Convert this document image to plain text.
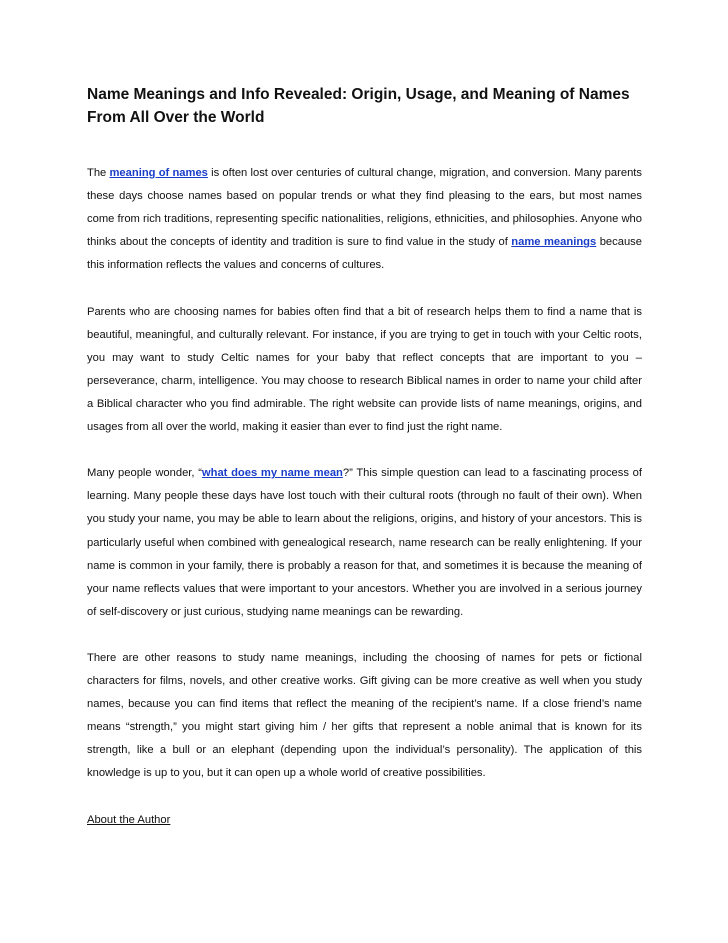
Name Meanings and Info Revealed: Origin, Usage, and Meaning of Names From All Over the World

The meaning of names is often lost over centuries of cultural change, migration, and conversion. Many parents these days choose names based on popular trends or what they find pleasing to the ears, but most names come from rich traditions, representing specific nationalities, religions, ethnicities, and philosophies. Anyone who thinks about the concepts of identity and tradition is sure to find value in the study of name meanings because this information reflects the values and concerns of cultures.

Parents who are choosing names for babies often find that a bit of research helps them to find a name that is beautiful, meaningful, and culturally relevant. For instance, if you are trying to get in touch with your Celtic roots, you may want to study Celtic names for your baby that reflect concepts that are important to you – perseverance, charm, intelligence. You may choose to research Biblical names in order to name your child after a Biblical character who you find admirable. The right website can provide lists of name meanings, origins, and usages from all over the world, making it easier than ever to find just the right name.

Many people wonder, “what does my name mean?” This simple question can lead to a fascinating process of learning. Many people these days have lost touch with their cultural roots (through no fault of their own). When you study your name, you may be able to learn about the religions, origins, and history of your ancestors. This is particularly useful when combined with genealogical research, name research can be really enlightening. If your name is common in your family, there is probably a reason for that, and sometimes it is because the meaning of your name reflects values that were important to your ancestors. Whether you are involved in a serious journey of self-discovery or just curious, studying name meanings can be rewarding.

There are other reasons to study name meanings, including the choosing of names for pets or fictional characters for films, novels, and other creative works. Gift giving can be more creative as well when you study names, because you can find items that reflect the meaning of the recipient’s name. If a close friend’s name means “strength,” you might start giving him / her gifts that represent a noble animal that is known for its strength, like a bull or an elephant (depending upon the individual’s personality). The application of this knowledge is up to you, but it can open up a whole world of creative possibilities.

About the Author
